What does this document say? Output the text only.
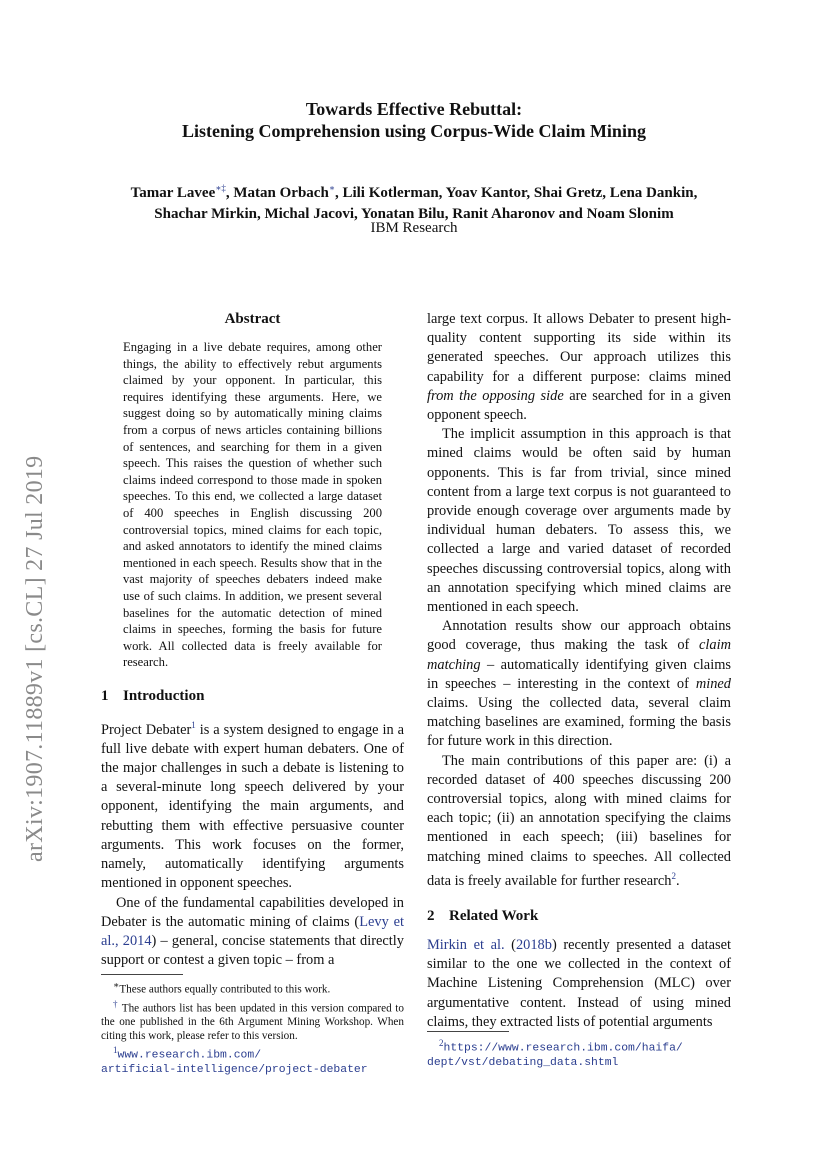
arXiv:1907.11889v1 [cs.CL] 27 Jul 2019
Towards Effective Rebuttal:
Listening Comprehension using Corpus-Wide Claim Mining
Tamar Lavee∗‡, Matan Orbach∗, Lili Kotlerman, Yoav Kantor, Shai Gretz, Lena Dankin,
Shachar Mirkin, Michal Jacovi, Yonatan Bilu, Ranit Aharonov and Noam Slonim
IBM Research
Abstract
Engaging in a live debate requires, among other things, the ability to effectively rebut arguments claimed by your opponent. In particular, this requires identifying these arguments. Here, we suggest doing so by automatically mining claims from a corpus of news articles containing billions of sentences, and searching for them in a given speech. This raises the question of whether such claims indeed correspond to those made in spoken speeches. To this end, we collected a large dataset of 400 speeches in English discussing 200 controversial topics, mined claims for each topic, and asked annotators to identify the mined claims mentioned in each speech. Results show that in the vast majority of speeches debaters indeed make use of such claims. In addition, we present several baselines for the automatic detection of mined claims in speeches, forming the basis for future work. All collected data is freely available for research.
1 Introduction

Project Debater$^1$ is a system designed to engage in a full live debate with expert human debaters. One of the major challenges in such a debate is listening to a several-minute long speech delivered by your opponent, identifying the main arguments, and rebutting them with effective persuasive counter arguments. This work focuses on the former, namely, automatically identifying arguments mentioned in opponent speeches.

One of the fundamental capabilities developed in Debater is the automatic mining of claims (Levy et al., 2014) – general, concise statements that directly support or contest a given topic – from a

large text corpus. It allows Debater to present high-quality content supporting its side within its generated speeches. Our approach utilizes this capability for a different purpose: claims mined from the opposing side are searched for in a given opponent speech.

The implicit assumption in this approach is that mined claims would be often said by human opponents. This is far from trivial, since mined content from a large text corpus is not guaranteed to provide enough coverage over arguments made by individual human debaters. To assess this, we collected a large and varied dataset of recorded speeches discussing controversial topics, along with an annotation specifying which mined claims are mentioned in each speech.

Annotation results show our approach obtains good coverage, thus making the task of claim matching – automatically identifying given claims in speeches – interesting in the context of mined claims. Using the collected data, several claim matching baselines are examined, forming the basis for future work in this direction.

The main contributions of this paper are: (i) a recorded dataset of 400 speeches discussing 200 controversial topics, along with mined claims for each topic; (ii) an annotation specifying the claims mentioned in each speech; (iii) baselines for matching mined claims to speeches. All collected data is freely available for further research$^2$.

2 Related Work

Mirkin et al. (2018b) recently presented a dataset similar to the one we collected in the context of Machine Listening Comprehension (MLC) over argumentative content. Instead of using mined claims, they extracted lists of potential arguments

∗These authors equally contributed to this work.
† The authors list has been updated in this version compared to the one published in the 6th Argument Mining Workshop. When citing this work, please refer to this version.
$^1$www.research.ibm.com/
artificial-intelligence/project-debater
$^2$https://www.research.ibm.com/haifa/
dept/vst/debating_data.shtml
